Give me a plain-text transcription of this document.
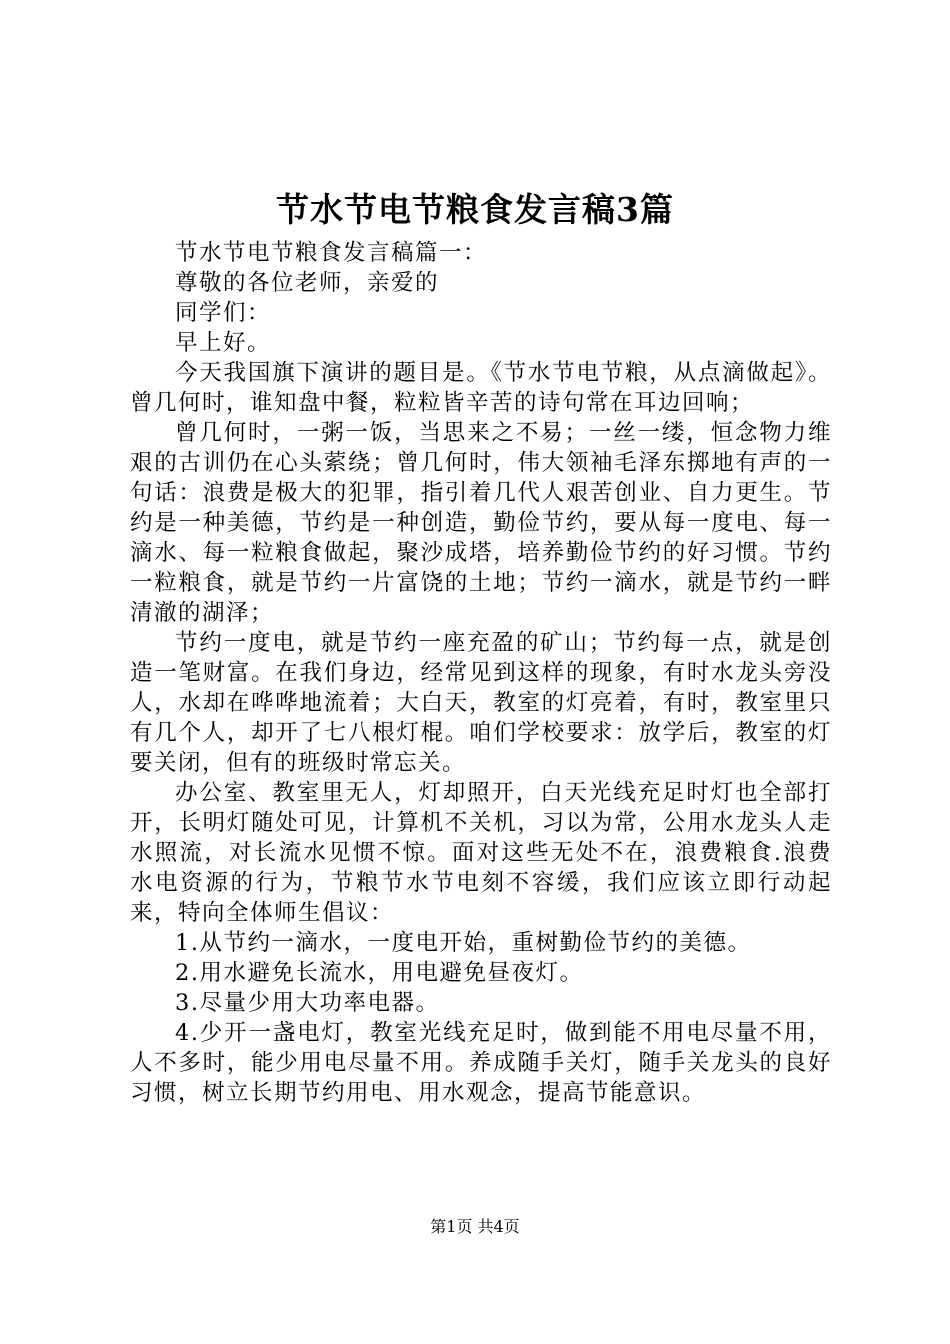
节水节电节粮食发言稿3篇

节水节电节粮食发言稿篇一：

尊敬的各位老师，亲爱的

同学们：

早上好。

今天我国旗下演讲的题目是。《节水节电节粮，从点滴做起》。曾几何时，谁知盘中餐，粒粒皆辛苦的诗句常在耳边回响；

曾几何时，一粥一饭，当思来之不易；一丝一缕，恒念物力维艰的古训仍在心头萦绕；曾几何时，伟大领袖毛泽东掷地有声的一句话：浪费是极大的犯罪，指引着几代人艰苦创业、自力更生。节约是一种美德，节约是一种创造，勤俭节约，要从每一度电、每一滴水、每一粒粮食做起，聚沙成塔，培养勤俭节约的好习惯。节约一粒粮食，就是节约一片富饶的土地；节约一滴水，就是节约一畔清澈的湖泽；

节约一度电，就是节约一座充盈的矿山；节约每一点，就是创造一笔财富。在我们身边，经常见到这样的现象，有时水龙头旁没人，水却在哗哗地流着；大白天，教室的灯亮着，有时，教室里只有几个人，却开了七八根灯棍。咱们学校要求：放学后，教室的灯要关闭，但有的班级时常忘关。

办公室、教室里无人，灯却照开，白天光线充足时灯也全部打开，长明灯随处可见，计算机不关机，习以为常，公用水龙头人走水照流，对长流水见惯不惊。面对这些无处不在，浪费粮食.浪费水电资源的行为，节粮节水节电刻不容缓，我们应该立即行动起来，特向全体师生倡议：

1.从节约一滴水，一度电开始，重树勤俭节约的美德。

2.用水避免长流水，用电避免昼夜灯。

3.尽量少用大功率电器。

4.少开一盏电灯，教室光线充足时，做到能不用电尽量不用，人不多时，能少用电尽量不用。养成随手关灯，随手关龙头的良好习惯，树立长期节约用电、用水观念，提高节能意识。

第1页 共4页
